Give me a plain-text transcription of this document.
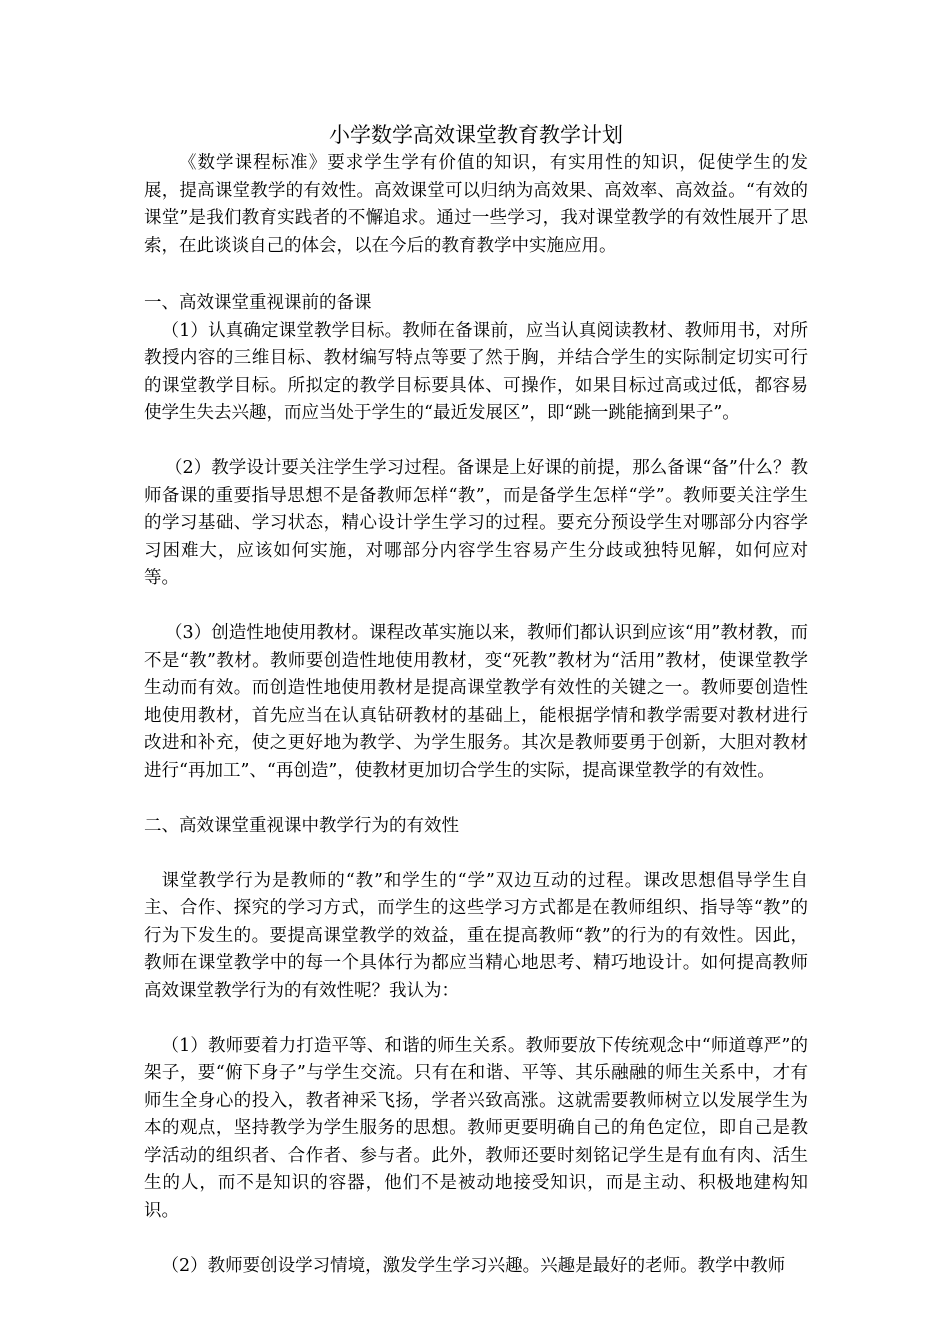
小学数学高效课堂教育教学计划

《数学课程标准》要求学生学有价值的知识，有实用性的知识，促使学生的发展，提高课堂教学的有效性。高效课堂可以归纳为高效果、高效率、高效益。“有效的课堂”是我们教育实践者的不懈追求。通过一些学习，我对课堂教学的有效性展开了思索，在此谈谈自己的体会，以在今后的教育教学中实施应用。

一、高效课堂重视课前的备课

（1）认真确定课堂教学目标。教师在备课前，应当认真阅读教材、教师用书，对所教授内容的三维目标、教材编写特点等要了然于胸，并结合学生的实际制定切实可行的课堂教学目标。所拟定的教学目标要具体、可操作，如果目标过高或过低，都容易使学生失去兴趣，而应当处于学生的“最近发展区”，即“跳一跳能摘到果子”。

（2）教学设计要关注学生学习过程。备课是上好课的前提，那么备课“备”什么？教师备课的重要指导思想不是备教师怎样“教”，而是备学生怎样“学”。教师要关注学生的学习基础、学习状态，精心设计学生学习的过程。要充分预设学生对哪部分内容学习困难大，应该如何实施，对哪部分内容学生容易产生分歧或独特见解，如何应对等。

（3）创造性地使用教材。课程改革实施以来，教师们都认识到应该“用”教材教，而不是“教”教材。教师要创造性地使用教材，变“死教”教材为“活用”教材，使课堂教学生动而有效。而创造性地使用教材是提高课堂教学有效性的关键之一。教师要创造性地使用教材，首先应当在认真钻研教材的基础上，能根据学情和教学需要对教材进行改进和补充，使之更好地为教学、为学生服务。其次是教师要勇于创新，大胆对教材进行“再加工”、“再创造”，使教材更加切合学生的实际，提高课堂教学的有效性。

二、高效课堂重视课中教学行为的有效性

课堂教学行为是教师的“教”和学生的“学”双边互动的过程。课改思想倡导学生自主、合作、探究的学习方式，而学生的这些学习方式都是在教师组织、指导等“教”的行为下发生的。要提高课堂教学的效益，重在提高教师“教”的行为的有效性。因此，教师在课堂教学中的每一个具体行为都应当精心地思考、精巧地设计。如何提高教师高效课堂教学行为的有效性呢？我认为：

（1）教师要着力打造平等、和谐的师生关系。教师要放下传统观念中“师道尊严”的架子，要“俯下身子”与学生交流。只有在和谐、平等、其乐融融的师生关系中，才有师生全身心的投入，教者神采飞扬，学者兴致高涨。这就需要教师树立以发展学生为本的观点，坚持教学为学生服务的思想。教师更要明确自己的角色定位，即自己是教学活动的组织者、合作者、参与者。此外，教师还要时刻铭记学生是有血有肉、活生生的人，而不是知识的容器，他们不是被动地接受知识，而是主动、积极地建构知识。

（2）教师要创设学习情境，激发学生学习兴趣。兴趣是最好的老师。教学中教师
